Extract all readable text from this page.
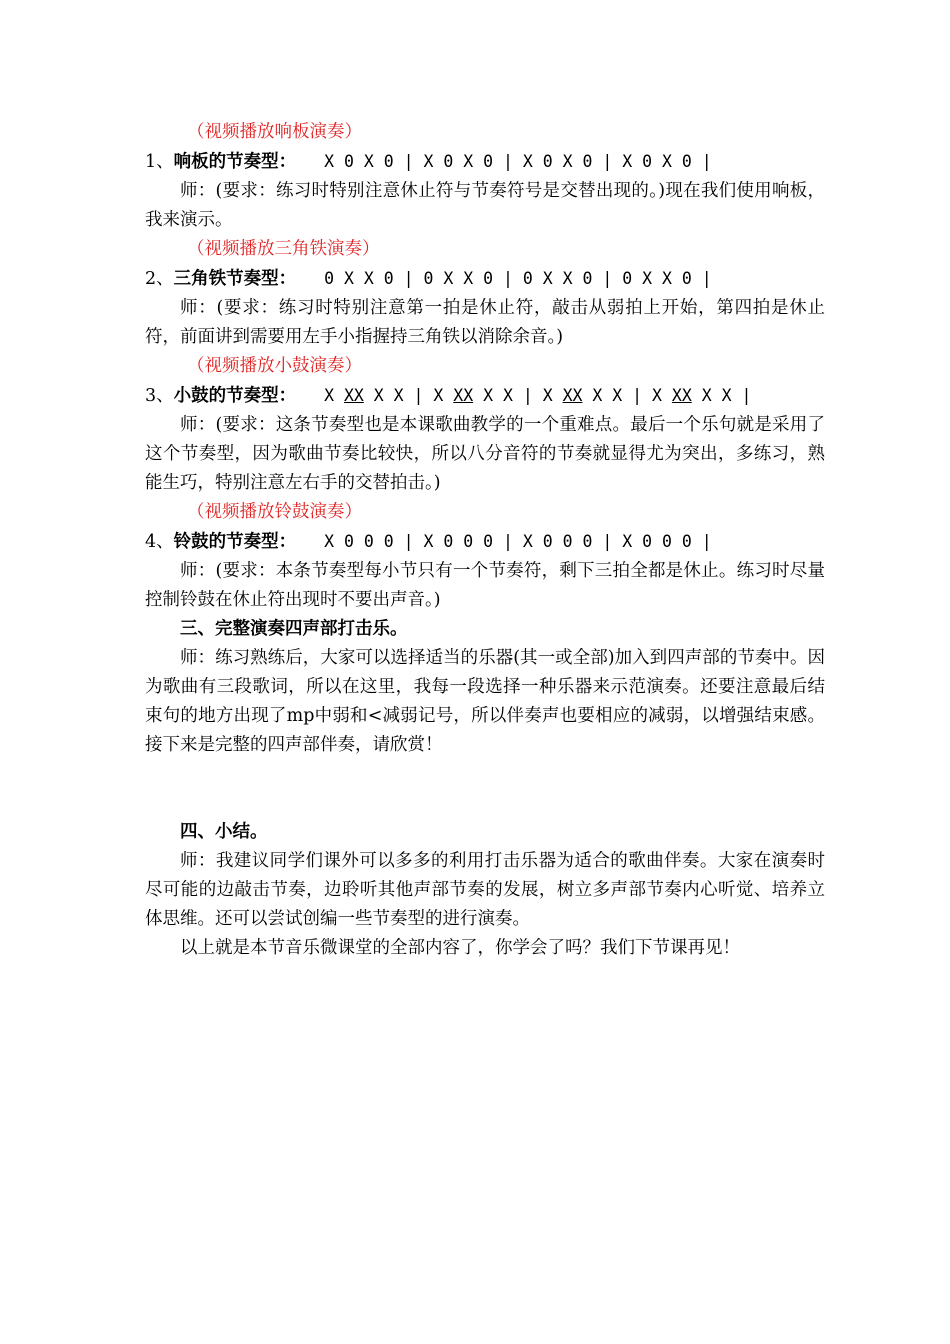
（视频播放响板演奏）
1、响板的节奏型： X 0 X 0 | X 0 X 0 | X 0 X 0 | X 0 X 0 |
师：(要求：练习时特别注意休止符与节奏符号是交替出现的。)现在我们使用响板，我来演示。
（视频播放三角铁演奏）
2、三角铁节奏型： 0 X X 0 | 0 X X 0 | 0 X X 0 | 0 X X 0 |
师：(要求：练习时特别注意第一拍是休止符，敲击从弱拍上开始，第四拍是休止符，前面讲到需要用左手小指握持三角铁以消除余音。)
（视频播放小鼓演奏）
3、小鼓的节奏型： X XX X X | X XX X X | X XX X X | X XX X X |
师：(要求：这条节奏型也是本课歌曲教学的一个重难点。最后一个乐句就是采用了这个节奏型，因为歌曲节奏比较快，所以八分音符的节奏就显得尤为突出，多练习，熟能生巧，特别注意左右手的交替拍击。)
（视频播放铃鼓演奏）
4、铃鼓的节奏型： X 0 0 0 | X 0 0 0 | X 0 0 0 | X 0 0 0 |
师：(要求：本条节奏型每小节只有一个节奏符，剩下三拍全都是休止。练习时尽量控制铃鼓在休止符出现时不要出声音。)
三、完整演奏四声部打击乐。
师：练习熟练后，大家可以选择适当的乐器(其一或全部)加入到四声部的节奏中。因为歌曲有三段歌词，所以在这里，我每一段选择一种乐器来示范演奏。还要注意最后结束句的地方出现了mp中弱和<减弱记号，所以伴奏声也要相应的减弱，以增强结束感。接下来是完整的四声部伴奏，请欣赏！
四、小结。
师：我建议同学们课外可以多多的利用打击乐器为适合的歌曲伴奏。大家在演奏时尽可能的边敲击节奏，边聆听其他声部节奏的发展，树立多声部节奏内心听觉、培养立体思维。还可以尝试创编一些节奏型的进行演奏。
以上就是本节音乐微课堂的全部内容了，你学会了吗？我们下节课再见！
